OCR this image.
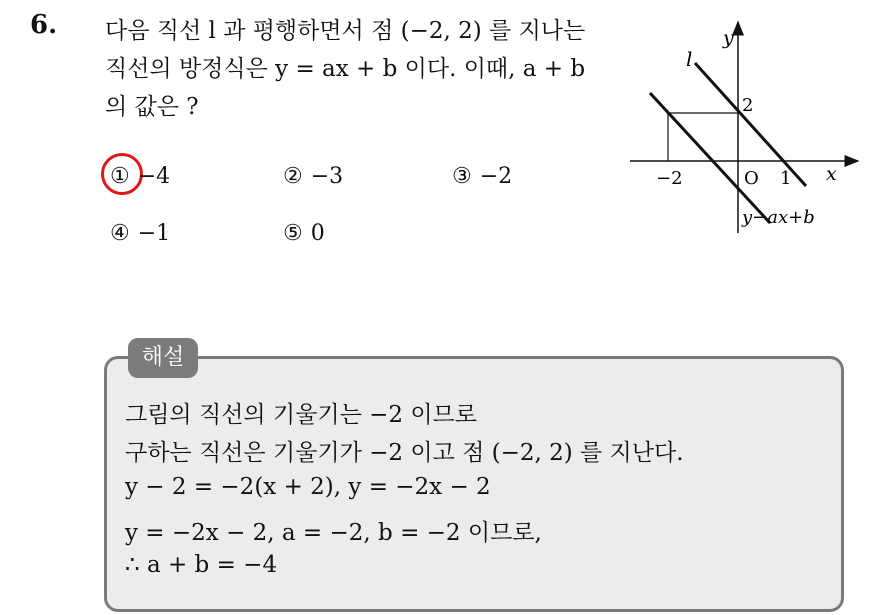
6. 다음 직선 l 과 평행하면서 점 (−2, 2) 를 지나는
직선의 방정식은 y = ax + b 이다. 이때, a + b
의 값은 ?
① −4	② −3	③ −2
④ −1	⑤ 0
y
x
l
2
−2	O 1
y−ax+b
해설
그림의 직선의 기울기는 −2 이므로
구하는 직선은 기울기가 −2 이고 점 (−2, 2) 를 지난다.
y − 2 = −2(x + 2), y = −2x − 2
y = −2x − 2, a = −2, b = −2 이므로,
∴ a + b = −4
